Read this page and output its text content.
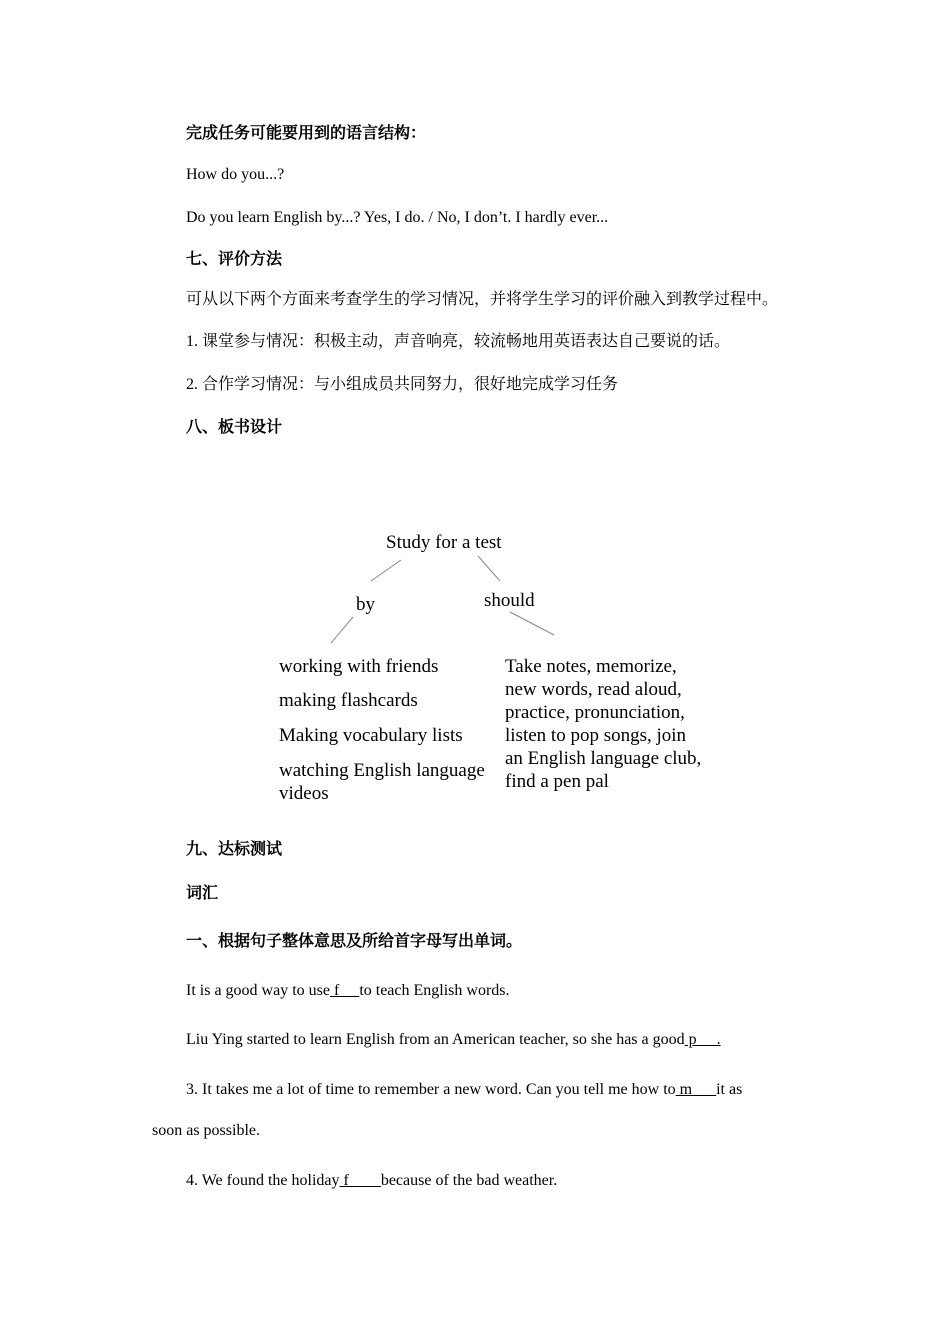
完成任务可能要用到的语言结构：
How do you...?
Do you learn English by...? Yes, I do. / No, I don’t. I hardly ever...
七、评价方法
可从以下两个方面来考查学生的学习情况，并将学生学习的评价融入到教学过程中。
1. 课堂参与情况：积极主动，声音响亮，较流畅地用英语表达自己要说的话。
2. 合作学习情况：与小组成员共同努力，很好地完成学习任务
八、板书设计
Study for a test
by	should
working with friends
making flashcards
Making vocabulary lists
watching English language
videos
Take notes, memorize,
new words, read aloud,
practice, pronunciation,
listen to pop songs, join
an English language club,
find a pen pal
九、达标测试
词汇
一、根据句子整体意思及所给首字母写出单词。
It is a good way to use f     to teach English words.
Liu Ying started to learn English from an American teacher, so she has a good p     .
3. It takes me a lot of time to remember a new word. Can you tell me how to m      it as
soon as possible.
4. We found the holiday f        because of the bad weather.
